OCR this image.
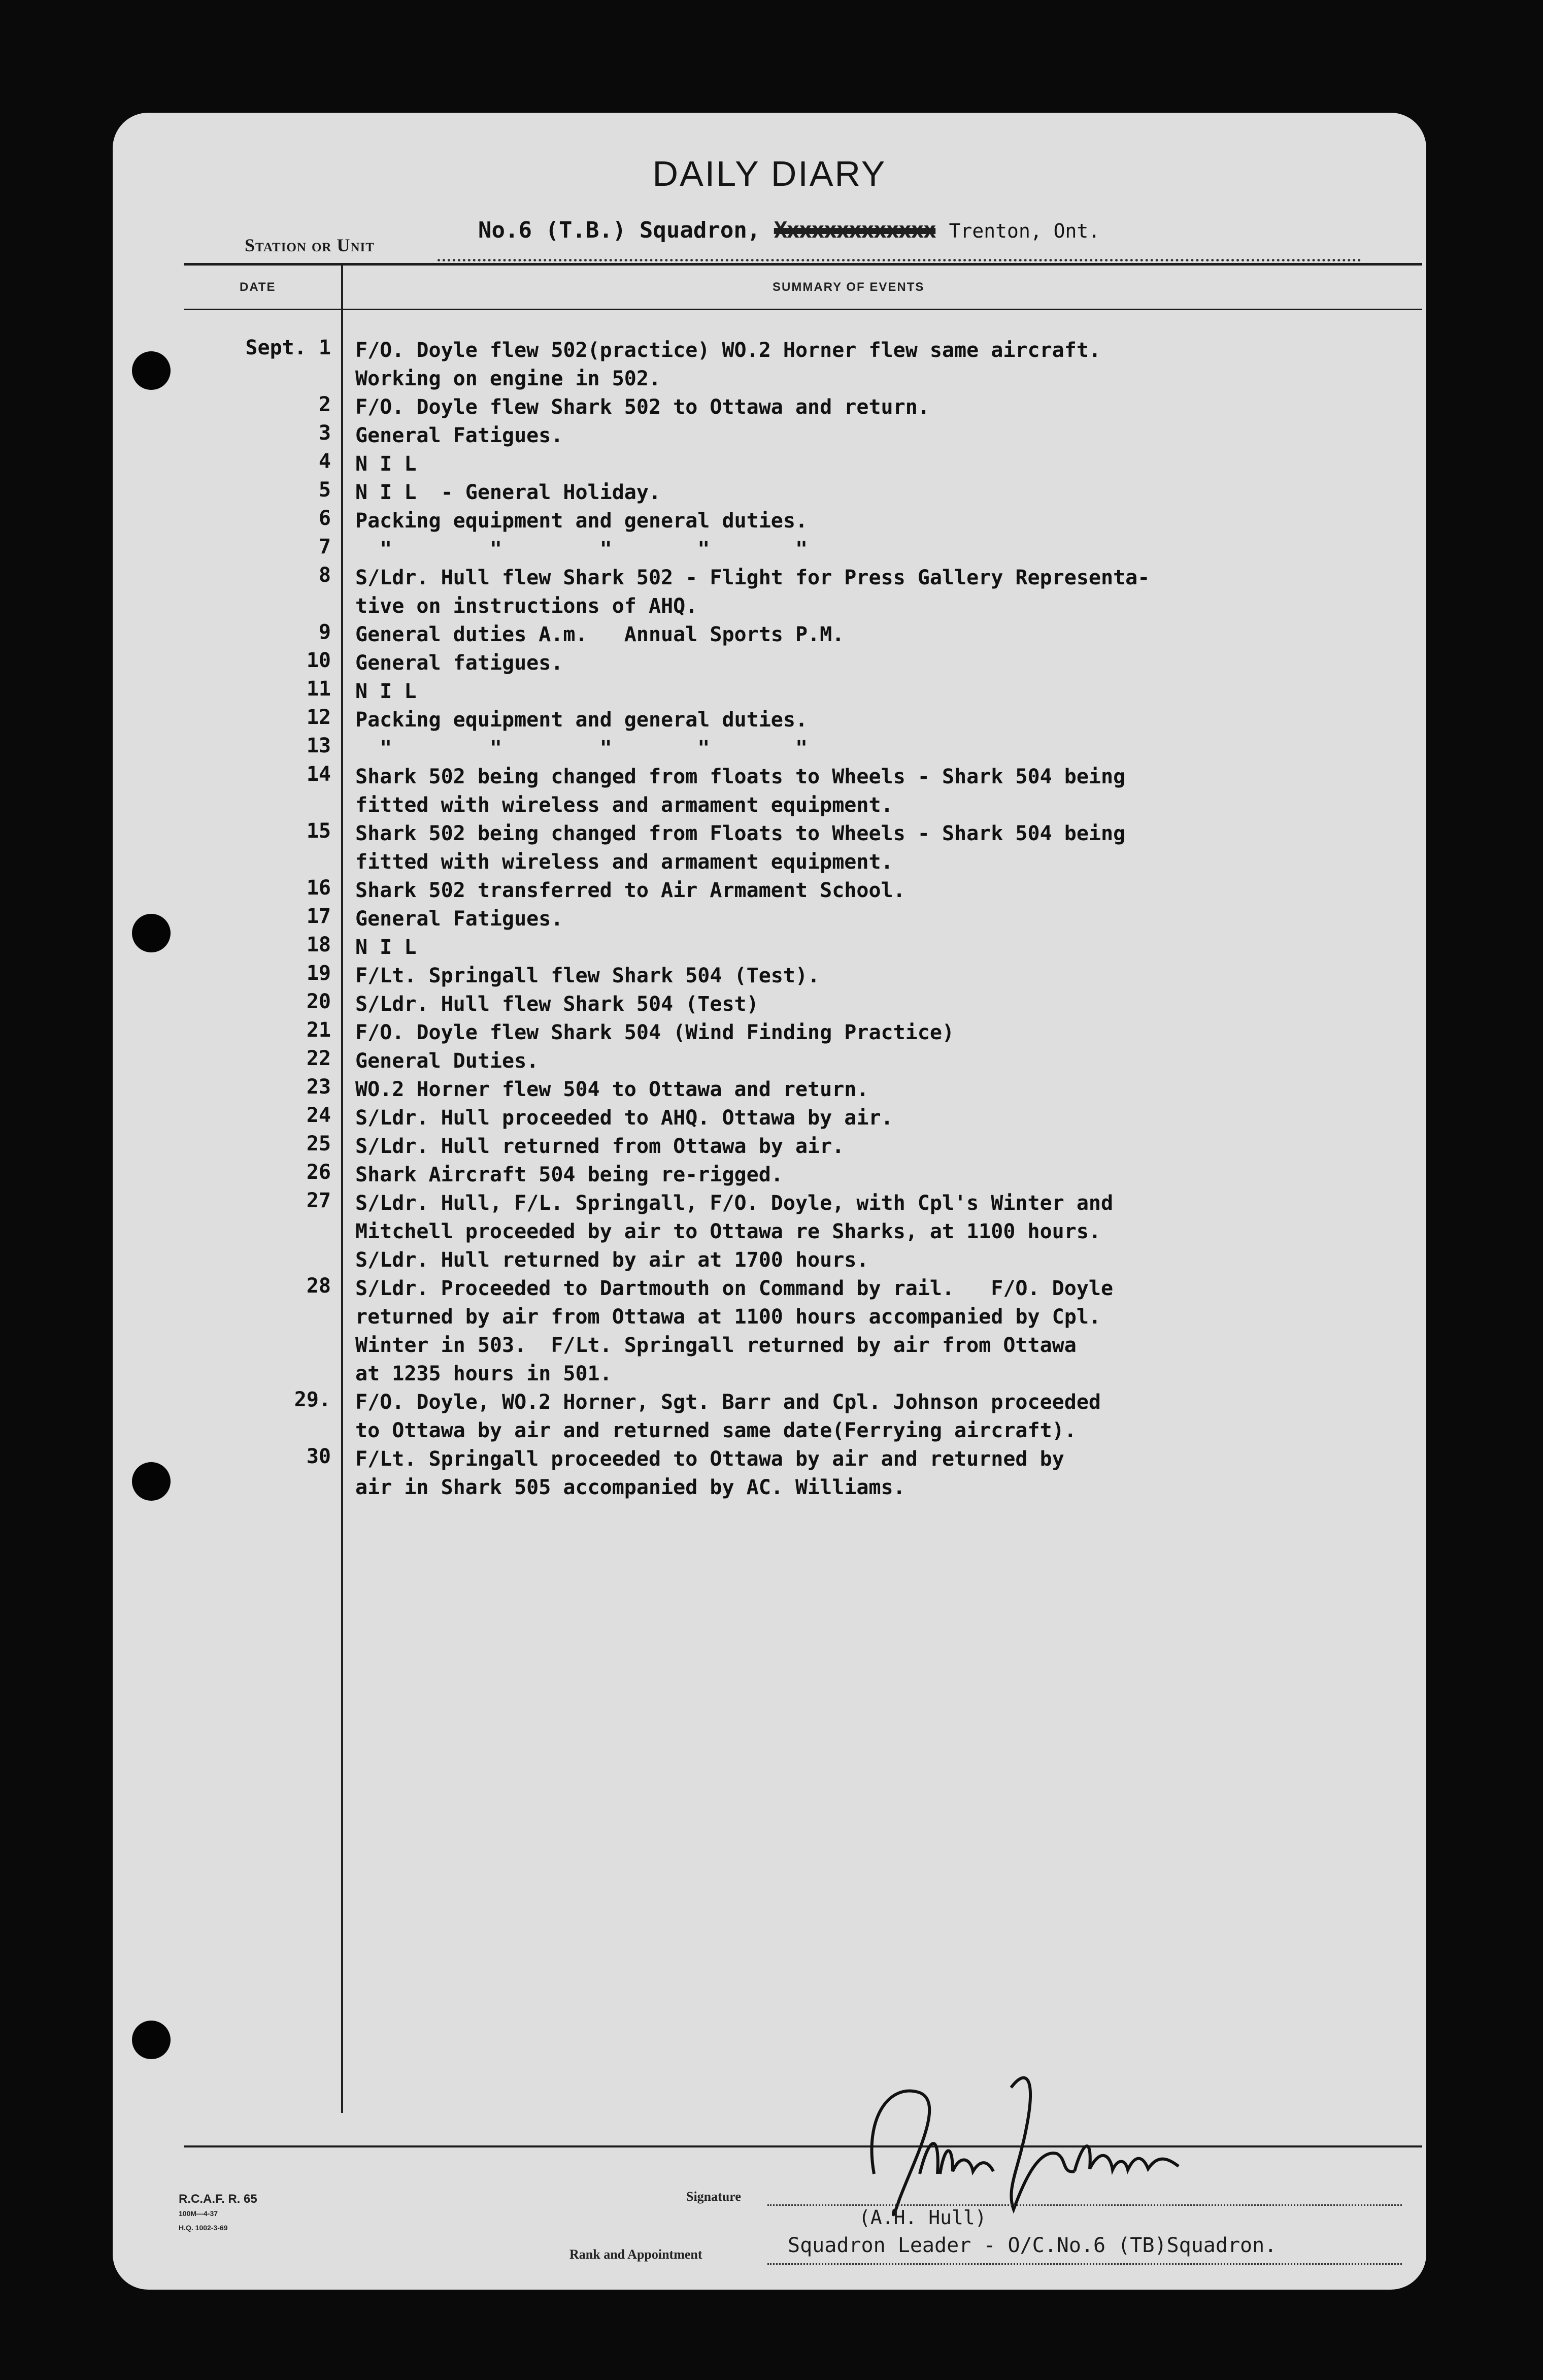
DAILY DIARY
Station or Unit
No.6 (T.B.) Squadron, Xxxxxxxxxxxxx Trenton, Ont.
DATE	SUMMARY OF EVENTS
Sept. 1 F/O. Doyle flew 502(practice) WO.2 Horner flew same aircraft.
Working on engine in 502.
2 F/O. Doyle flew Shark 502 to Ottawa and return.
3 General Fatigues.
4 N I L
5 N I L  - General Holiday.
6 Packing equipment and general duties.
7 "        "        "       "       "
8 S/Ldr. Hull flew Shark 502 - Flight for Press Gallery Representa-
tive on instructions of AHQ.
9 General duties A.m.   Annual Sports P.M.
10 General fatigues.
11 N I L
12 Packing equipment and general duties.
13 "        "        "       "       "
14 Shark 502 being changed from floats to Wheels - Shark 504 being
fitted with wireless and armament equipment.
15 Shark 502 being changed from Floats to Wheels - Shark 504 being
fitted with wireless and armament equipment.
16 Shark 502 transferred to Air Armament School.
17 General Fatigues.
18 N I L
19 F/Lt. Springall flew Shark 504 (Test).
20 S/Ldr. Hull flew Shark 504 (Test)
21 F/O. Doyle flew Shark 504 (Wind Finding Practice)
22 General Duties.
23 WO.2 Horner flew 504 to Ottawa and return.
24 S/Ldr. Hull proceeded to AHQ. Ottawa by air.
25 S/Ldr. Hull returned from Ottawa by air.
26 Shark Aircraft 504 being re-rigged.
27 S/Ldr. Hull, F/L. Springall, F/O. Doyle, with Cpl's Winter and
Mitchell proceeded by air to Ottawa re Sharks, at 1100 hours.
S/Ldr. Hull returned by air at 1700 hours.
28 S/Ldr. Proceeded to Dartmouth on Command by rail.   F/O. Doyle
returned by air from Ottawa at 1100 hours accompanied by Cpl.
Winter in 503.  F/Lt. Springall returned by air from Ottawa
at 1235 hours in 501.
29. F/O. Doyle, WO.2 Horner, Sgt. Barr and Cpl. Johnson proceeded
to Ottawa by air and returned same date(Ferrying aircraft).
30 F/Lt. Springall proceeded to Ottawa by air and returned by
air in Shark 505 accompanied by AC. Williams.
R.C.A.F. R. 65
100M—4-37
H.Q. 1002-3-69
Signature
(A.H. Hull)
Rank and Appointment	Squadron Leader - O/C.No.6 (TB)Squadron.
